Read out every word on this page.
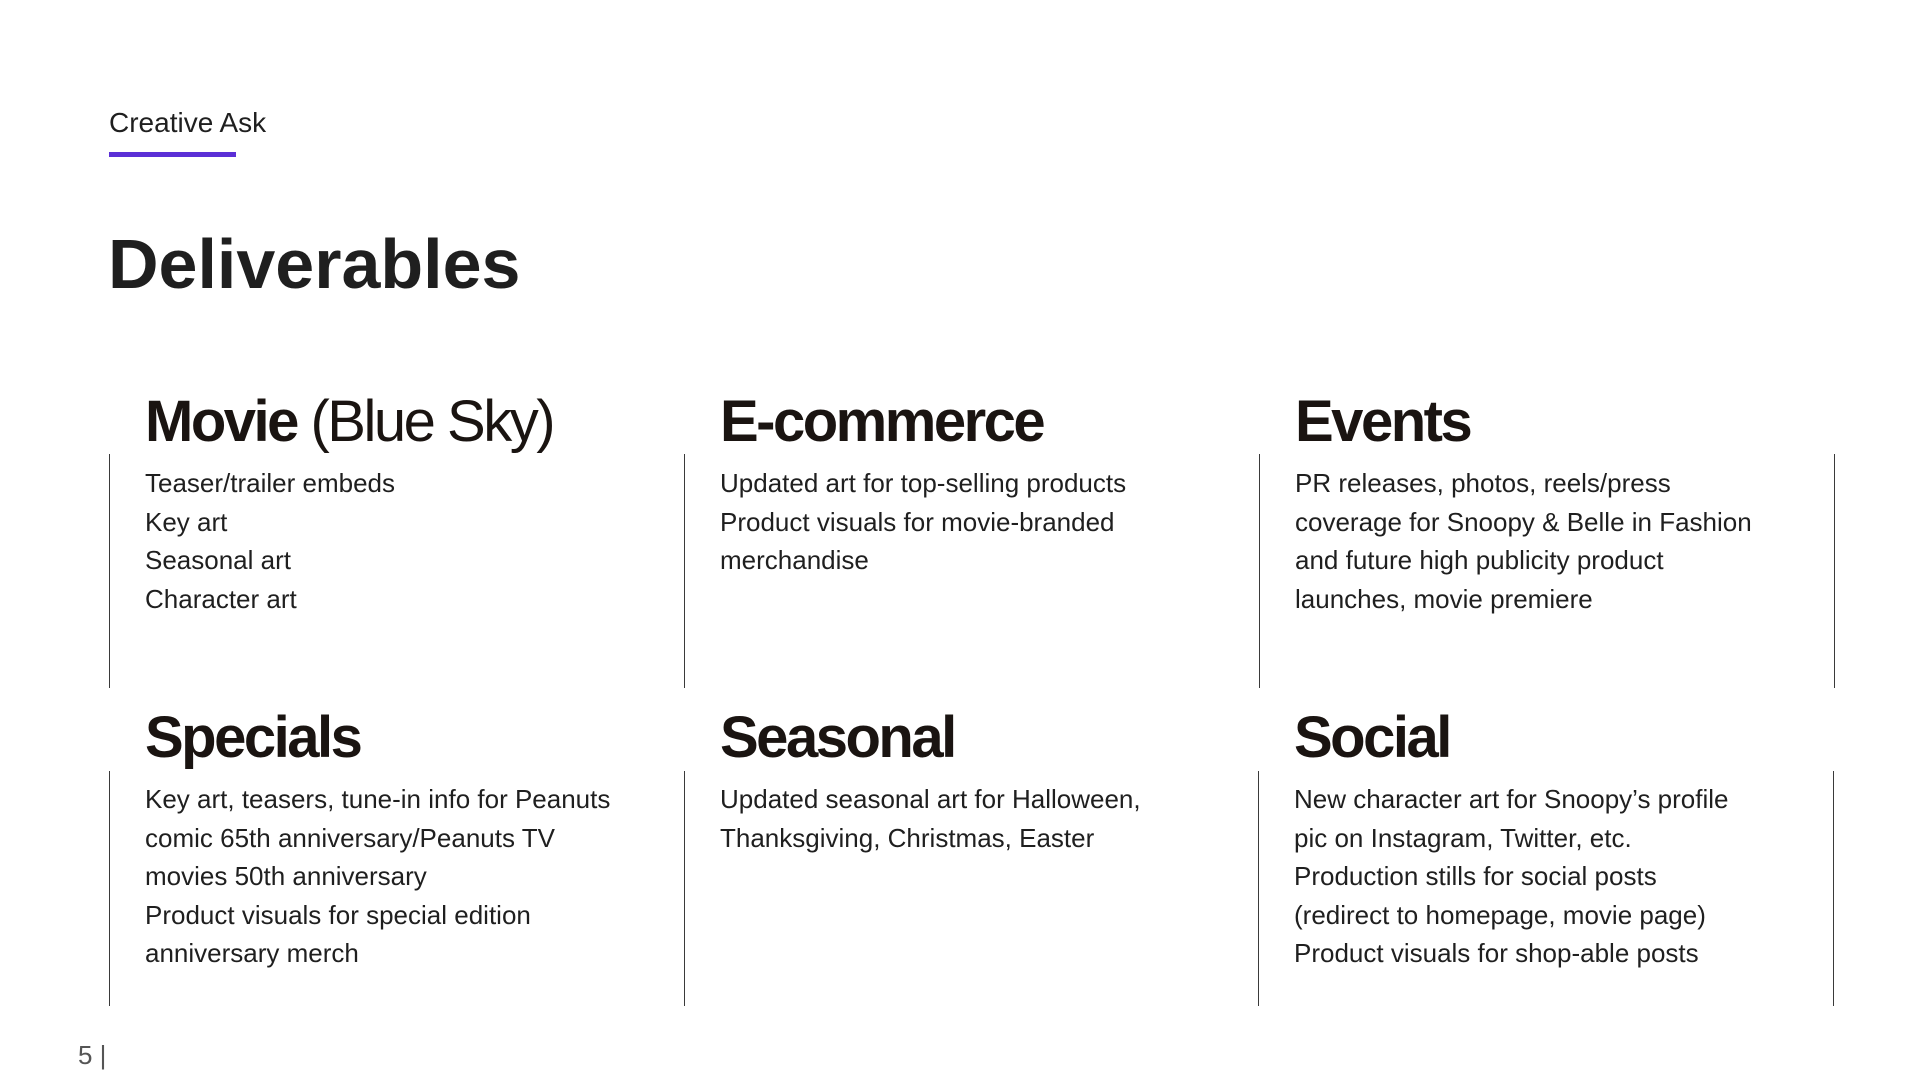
Creative Ask
Deliverables
Movie (Blue Sky)
Teaser/trailer embeds
Key art
Seasonal art
Character art
E-commerce
Updated art for top-selling products
Product visuals for movie-branded
merchandise
Events
PR releases, photos, reels/press
coverage for Snoopy & Belle in Fashion
and future high publicity product
launches, movie premiere
Specials
Key art, teasers, tune-in info for Peanuts
comic 65th anniversary/Peanuts TV
movies 50th anniversary
Product visuals for special edition
anniversary merch
Seasonal
Updated seasonal art for Halloween,
Thanksgiving, Christmas, Easter
Social
New character art for Snoopy’s profile
pic on Instagram, Twitter, etc.
Production stills for social posts
(redirect to homepage, movie page)
Product visuals for shop-able posts
5 |
